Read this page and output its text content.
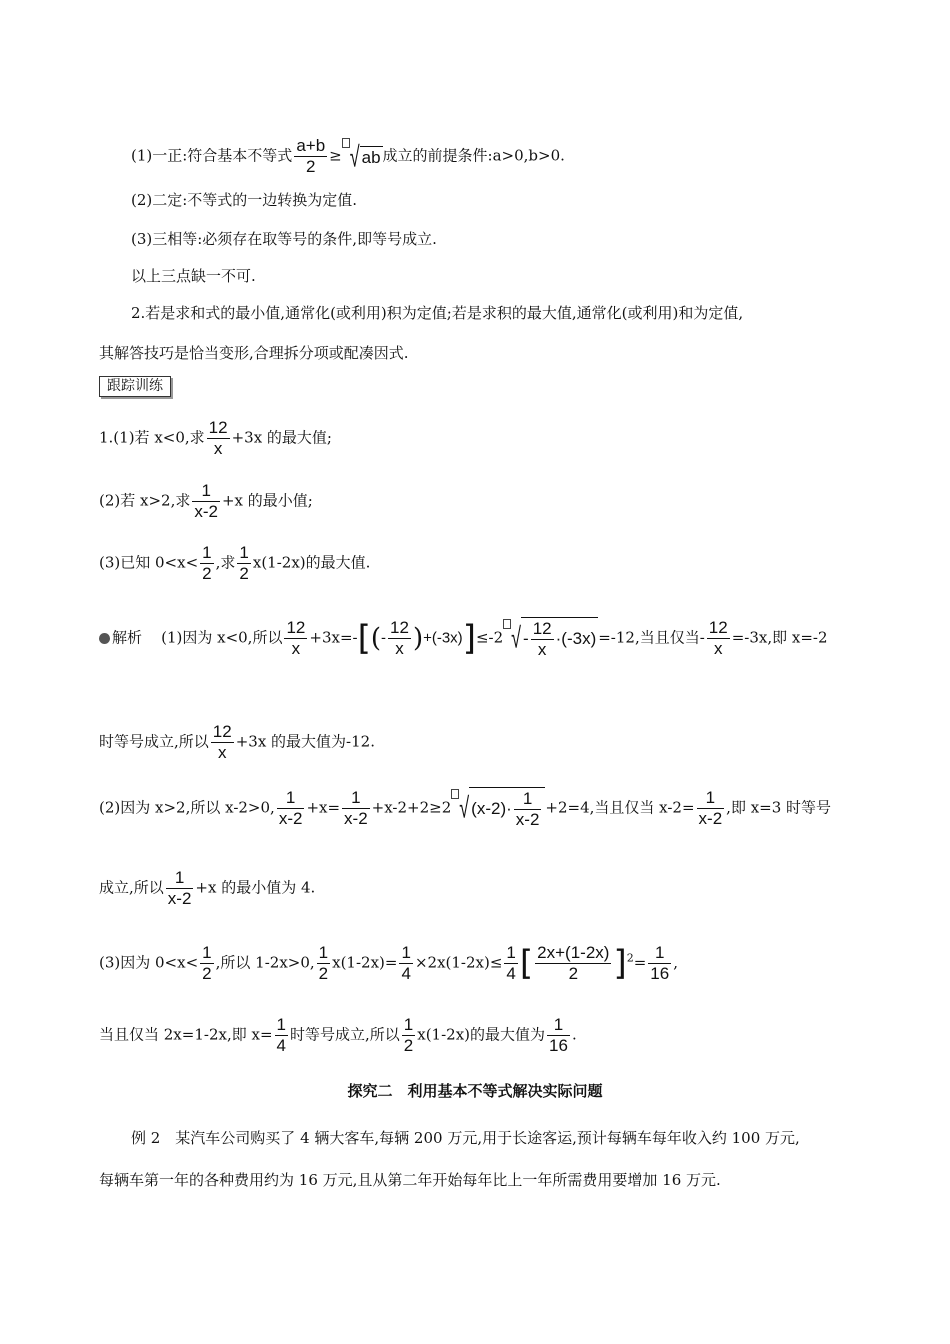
(1)一正:符合基本不等式 $\frac{a+b}{2}$ ≥ √ ab 成立的前提条件:a>0,b>0.
(2)二定:不等式的一边转换为定值.
(3)三相等:必须存在取等号的条件,即等号成立.
以上三点缺一不可.
2.若是求和式的最小值,通常化(或利用)积为定值;若是求积的最大值,通常化(或利用)和为定值,
其解答技巧是恰当变形,合理拆分项或配凑因式.
跟踪训练
1.(1)若 x<0,求 $\frac{12}{x} +3x$ 的最大值;
(2)若 x>2,求 $\frac{1}{x-2} +x$ 的最小值;
(3)已知 $0<x< \frac{1}{2}$ ,求 $\frac{1}{2} x(1-2x)$的最大值.
解析 (1)因为 x<0,所以 $\frac{12}{x} +3x=-[(- \frac{12}{x} )+(-3x)]\le-2$ √ - $\frac{12}{x} \cdot(-3x) =-12$,当且仅当- $\frac{12}{x} =-3x$,即 x=-2
时等号成立,所以 $\frac{12}{x} +3x$ 的最大值为-12.
(2)因为 x>2,所以 x-2>0, $\frac{1}{x-2} +x= \frac{1}{x-2} +x-2+2\ge 2$ √ $(x-2)\cdot \frac{1}{x-2} +2=4$,当且仅当 $x-2= \frac{1}{x-2}$ ,即 x=3 时等号
成立,所以 $\frac{1}{x-2} +x$ 的最小值为 4.
(3)因为 $0<x< \frac{1}{2}$ ,所以 1-2x>0, $\frac{1}{2} x(1-2x)= \frac{1}{4} \times 2x(1-2x)\le \frac{1}{4}$ [ $\frac{2x+(1-2x)}{2} ]^2= \frac{1}{16}$ ,
当且仅当 2x=1-2x,即 $x= \frac{1}{4}$ 时等号成立,所以 $\frac{1}{2} x(1-2x)$的最大值为 $\frac{1}{16}$ .
探究二　利用基本不等式解决实际问题
例 2　某汽车公司购买了 4 辆大客车,每辆 200 万元,用于长途客运,预计每辆车每年收入约 100 万元,
每辆车第一年的各种费用约为 16 万元,且从第二年开始每年比上一年所需费用要增加 16 万元.
